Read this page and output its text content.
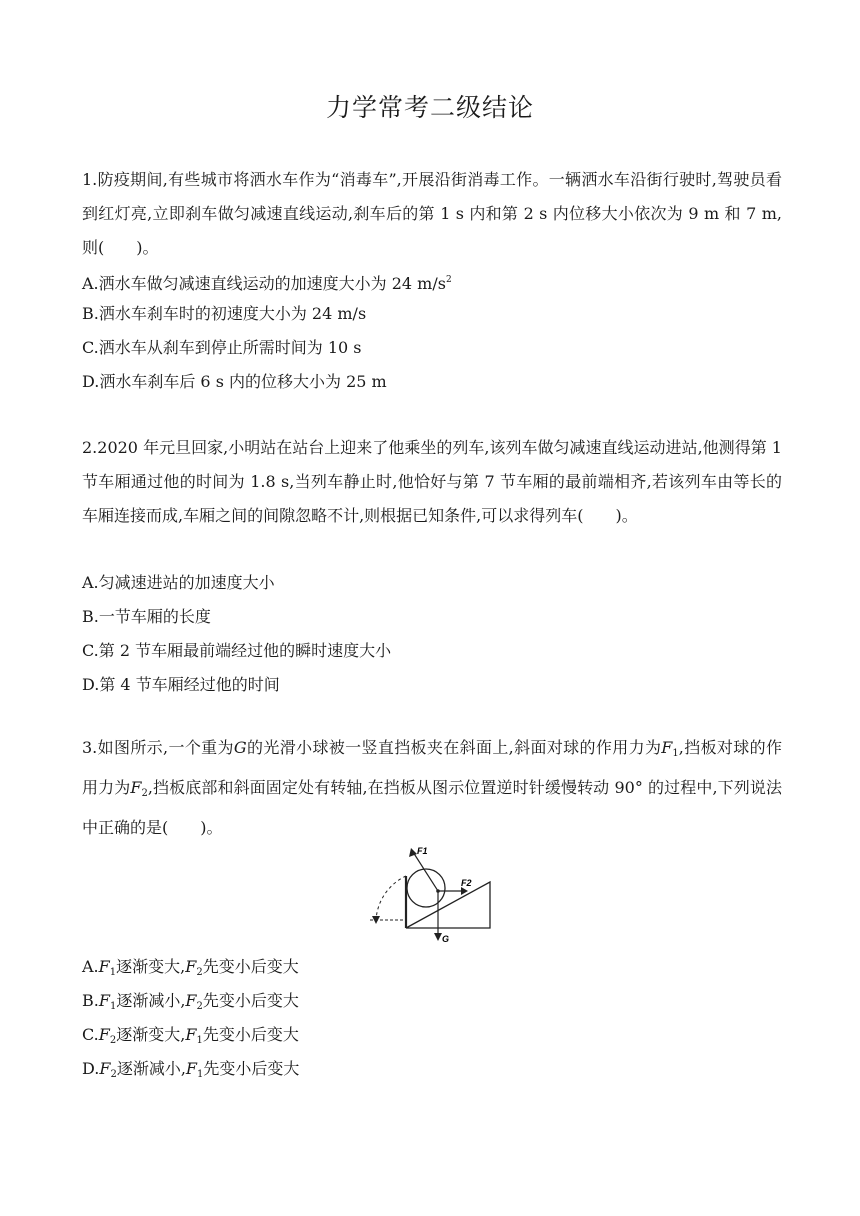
力学常考二级结论
1.防疫期间,有些城市将洒水车作为“消毒车”,开展沿街消毒工作。一辆洒水车沿街行驶时,驾驶员看到红灯亮,立即刹车做匀减速直线运动,刹车后的第 1 s 内和第 2 s 内位移大小依次为 9 m 和 7 m,则(　　)。
A.洒水车做匀减速直线运动的加速度大小为 24 $m/s^2$
B.洒水车刹车时的初速度大小为 24 m/s
C.洒水车从刹车到停止所需时间为 10 s
D.洒水车刹车后 6 s 内的位移大小为 25 m
2.2020 年元旦回家,小明站在站台上迎来了他乘坐的列车,该列车做匀减速直线运动进站,他测得第 1 节车厢通过他的时间为 1.8 s,当列车静止时,他恰好与第 7 节车厢的最前端相齐,若该列车由等长的车厢连接而成,车厢之间的间隙忽略不计,则根据已知条件,可以求得列车(　　)。
A.匀减速进站的加速度大小
B.一节车厢的长度
C.第 2 节车厢最前端经过他的瞬时速度大小
D.第 4 节车厢经过他的时间
3.如图所示,一个重为G的光滑小球被一竖直挡板夹在斜面上,斜面对球的作用力为$F_1$,挡板对球的作用力为$F_2$,挡板底部和斜面固定处有转轴,在挡板从图示位置逆时针缓慢转动 90° 的过程中,下列说法中正确的是(　　)。
F1
F2
G
$A.F_1$逐渐变大$,F_2$先变小后变大
$B.F_1$逐渐减小$,F_2$先变小后变大
$C.F_2$逐渐变大$,F_1$先变小后变大
$D.F_2$逐渐减小$,F_1$先变小后变大
